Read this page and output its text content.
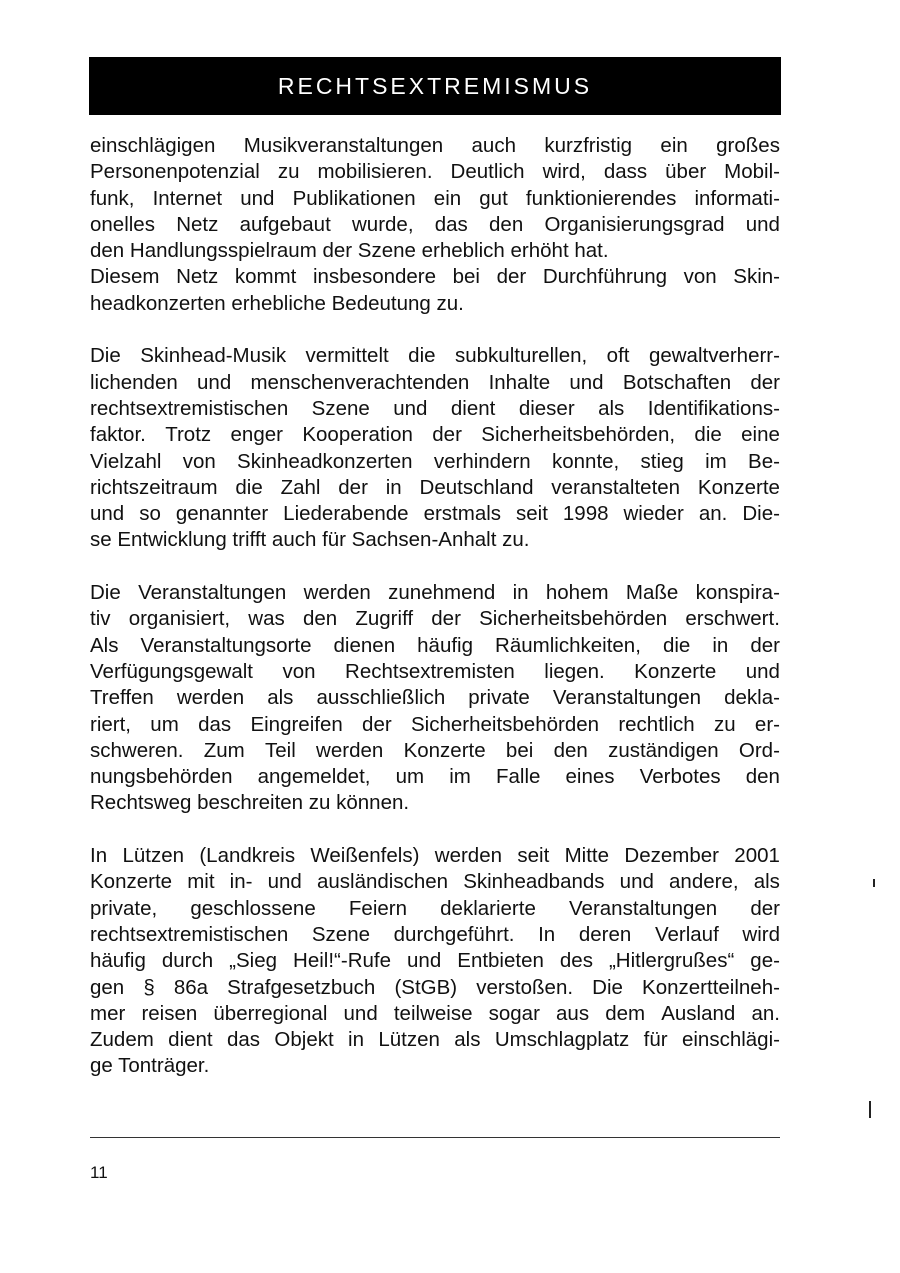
RECHTSEXTREMISMUS
einschlägigen Musikveranstaltungen auch kurzfristig ein großes
Personenpotenzial zu mobilisieren. Deutlich wird, dass über Mobil-
funk, Internet und Publikationen ein gut funktionierendes informati-
onelles Netz aufgebaut wurde, das den Organisierungsgrad und
den Handlungsspielraum der Szene erheblich erhöht hat.
Diesem Netz kommt insbesondere bei der Durchführung von Skin-
headkonzerten erhebliche Bedeutung zu.
Die Skinhead-Musik vermittelt die subkulturellen, oft gewaltverherr-
lichenden und menschenverachtenden Inhalte und Botschaften der
rechtsextremistischen Szene und dient dieser als Identifikations-
faktor. Trotz enger Kooperation der Sicherheitsbehörden, die eine
Vielzahl von Skinheadkonzerten verhindern konnte, stieg im Be-
richtszeitraum die Zahl der in Deutschland veranstalteten Konzerte
und so genannter Liederabende erstmals seit 1998 wieder an. Die-
se Entwicklung trifft auch für Sachsen-Anhalt zu.
Die Veranstaltungen werden zunehmend in hohem Maße konspira-
tiv organisiert, was den Zugriff der Sicherheitsbehörden erschwert.
Als Veranstaltungsorte dienen häufig Räumlichkeiten, die in der
Verfügungsgewalt von Rechtsextremisten liegen. Konzerte und
Treffen werden als ausschließlich private Veranstaltungen dekla-
riert, um das Eingreifen der Sicherheitsbehörden rechtlich zu er-
schweren. Zum Teil werden Konzerte bei den zuständigen Ord-
nungsbehörden angemeldet, um im Falle eines Verbotes den
Rechtsweg beschreiten zu können.
In Lützen (Landkreis Weißenfels) werden seit Mitte Dezember 2001
Konzerte mit in- und ausländischen Skinheadbands und andere, als
private, geschlossene Feiern deklarierte Veranstaltungen der
rechtsextremistischen Szene durchgeführt. In deren Verlauf wird
häufig durch „Sieg Heil!“-Rufe und Entbieten des „Hitlergrußes“ ge-
gen § 86a Strafgesetzbuch (StGB) verstoßen. Die Konzertteilneh-
mer reisen überregional und teilweise sogar aus dem Ausland an.
Zudem dient das Objekt in Lützen als Umschlagplatz für einschlägi-
ge Tonträger.
11
